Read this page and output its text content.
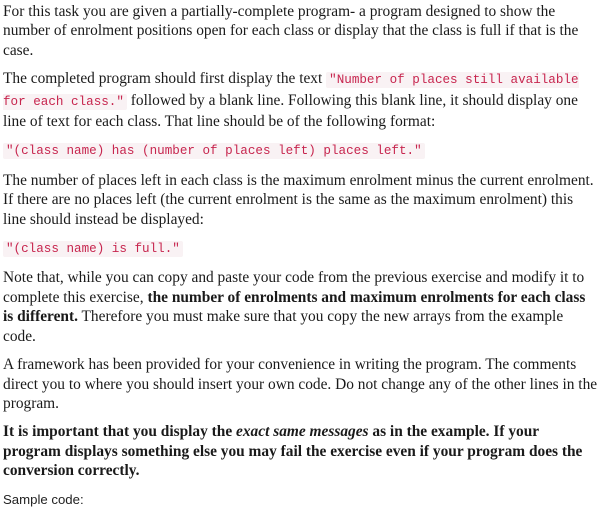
For this task you are given a partially-complete program- a program designed to show the number of enrolment positions open for each class or display that the class is full if that is the case.

The completed program should first display the text "Number of places still available for each class." followed by a blank line. Following this blank line, it should display one line of text for each class. That line should be of the following format:

"(class name) has (number of places left) places left."

The number of places left in each class is the maximum enrolment minus the current enrolment. If there are no places left (the current enrolment is the same as the maximum enrolment) this line should instead be displayed:

"(class name) is full."

Note that, while you can copy and paste your code from the previous exercise and modify it to complete this exercise, the number of enrolments and maximum enrolments for each class is different. Therefore you must make sure that you copy the new arrays from the example code.

A framework has been provided for your convenience in writing the program. The comments direct you to where you should insert your own code. Do not change any of the other lines in the program.

It is important that you display the exact same messages as in the example. If your program displays something else you may fail the exercise even if your program does the conversion correctly.

Sample code:
